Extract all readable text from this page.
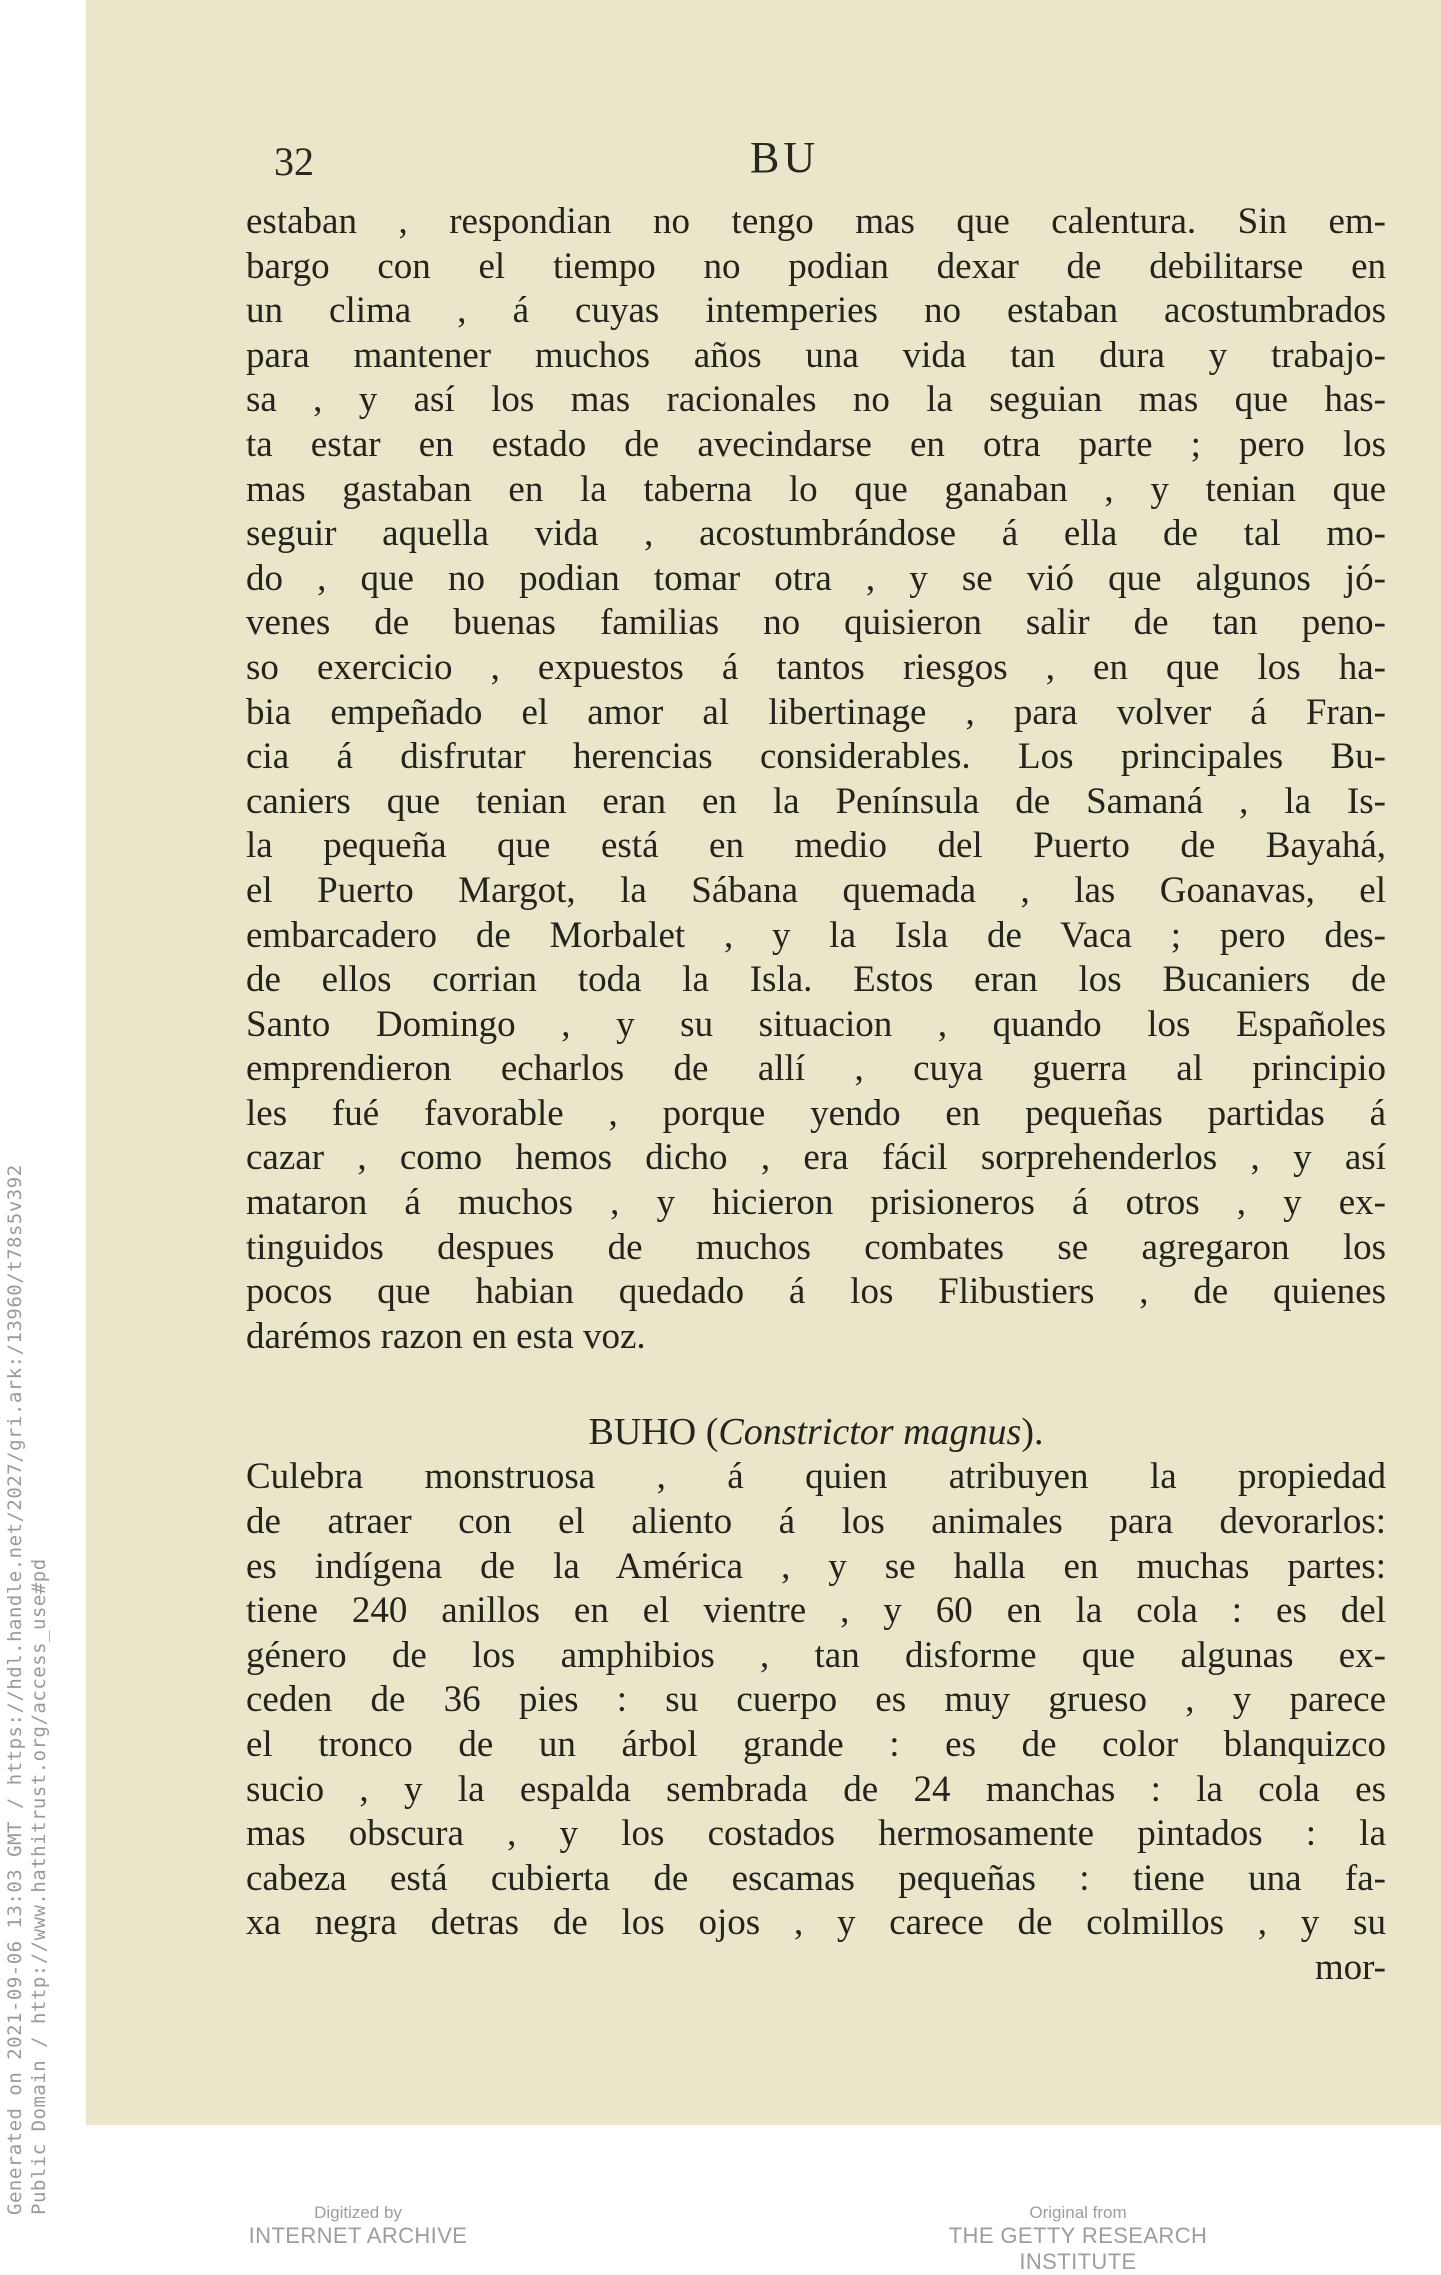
Generated on 2021-09-06 13:03 GMT / https://hdl.handle.net/2027/gri.ark:/13960/t78s5v392 Public Domain / http://www.hathitrust.org/access_use#pd
32	BU
estaban , respondian no tengo mas que calentura. Sin em-
bargo con el tiempo no podian dexar de debilitarse en
un clima , á cuyas intemperies no estaban acostumbrados
para mantener muchos años una vida tan dura y trabajo-
sa , y así los mas racionales no la seguian mas que has-
ta estar en estado de avecindarse en otra parte ; pero los
mas gastaban en la taberna lo que ganaban , y tenian que
seguir aquella vida , acostumbrándose á ella de tal mo-
do , que no podian tomar otra , y se vió que algunos jó-
venes de buenas familias no quisieron salir de tan peno-
so exercicio , expuestos á tantos riesgos , en que los ha-
bia empeñado el amor al libertinage , para volver á Fran-
cia á disfrutar herencias considerables. Los principales Bu-
caniers que tenian eran en la Península de Samaná , la Is-
la pequeña que está en medio del Puerto de Bayahá,
el Puerto Margot, la Sábana quemada , las Goanavas, el
embarcadero de Morbalet , y la Isla de Vaca ; pero des-
de ellos corrian toda la Isla. Estos eran los Bucaniers de
Santo Domingo , y su situacion , quando los Españoles
emprendieron echarlos de allí , cuya guerra al principio
les fué favorable , porque yendo en pequeñas partidas á
cazar , como hemos dicho , era fácil sorprehenderlos , y así
mataron á muchos , y hicieron prisioneros á otros , y ex-
tinguidos despues de muchos combates se agregaron los
pocos que habian quedado á los Flibustiers , de quienes
darémos razon en esta voz.
BUHO (Constrictor magnus).
Culebra monstruosa , á quien atribuyen la propiedad
de atraer con el aliento á los animales para devorarlos:
es indígena de la América , y se halla en muchas partes:
tiene 240 anillos en el vientre , y 60 en la cola : es del
género de los amphibios , tan disforme que algunas ex-
ceden de 36 pies : su cuerpo es muy grueso , y parece
el tronco de un árbol grande : es de color blanquizco
sucio , y la espalda sembrada de 24 manchas : la cola es
mas obscura , y los costados hermosamente pintados : la
cabeza está cubierta de escamas pequeñas : tiene una fa-
xa negra detras de los ojos , y carece de colmillos , y su
mor-
Digitized by
INTERNET ARCHIVE
Original from
THE GETTY RESEARCH INSTITUTE
